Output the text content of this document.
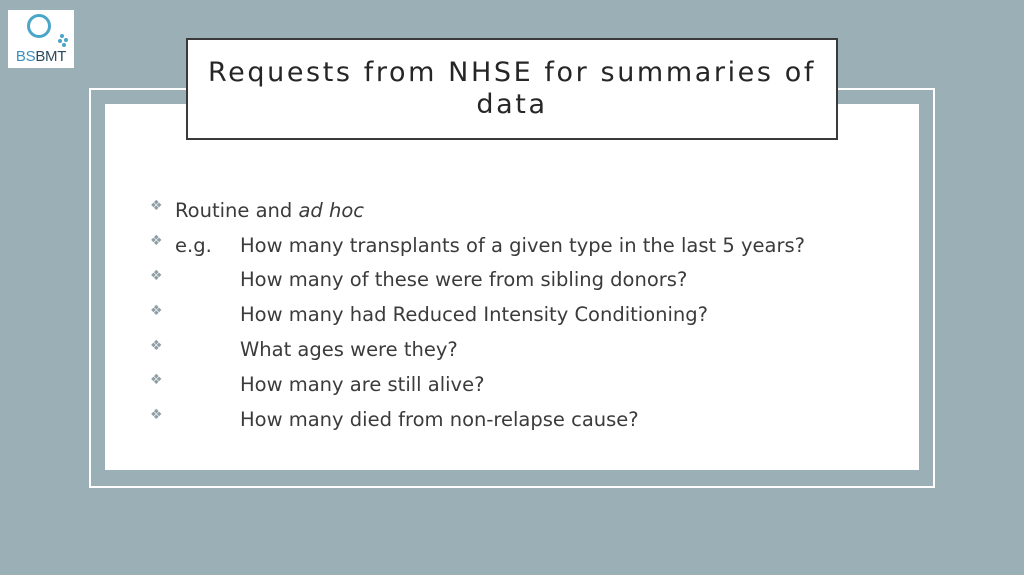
BSBMT
Requests from NHSE for summaries of data
❖ Routine and
ad hoc
❖ e.g.	How many transplants of a given type in the last 5 years?
❖	How many of these were from sibling donors?
❖	How many had Reduced Intensity Conditioning?
❖	What ages were they?
❖	How many are still alive?
❖	How many died from non-relapse cause?
